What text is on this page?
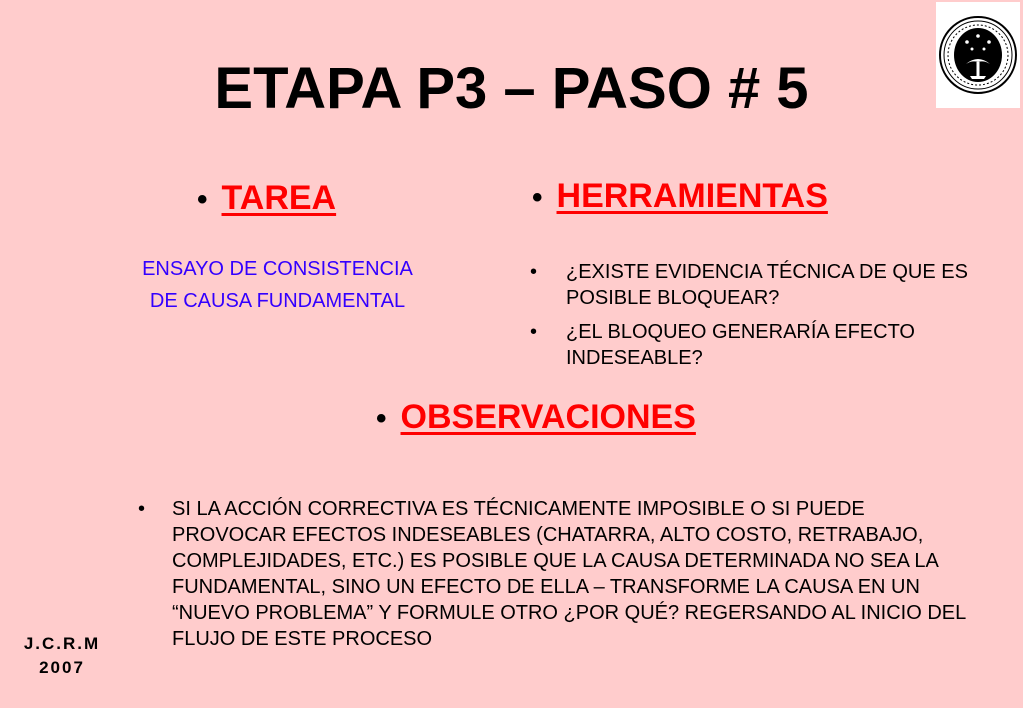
ETAPA P3 – PASO # 5
• TAREA
ENSAYO DE CONSISTENCIA
DE CAUSA FUNDAMENTAL
• HERRAMIENTAS
• ¿EXISTE EVIDENCIA TÉCNICA DE QUE ES POSIBLE BLOQUEAR?
• ¿EL BLOQUEO GENERARÍA EFECTO INDESEABLE?
• OBSERVACIONES
• SI LA ACCIÓN CORRECTIVA ES TÉCNICAMENTE IMPOSIBLE O SI PUEDE PROVOCAR EFECTOS INDESEABLES (CHATARRA, ALTO COSTO, RETRABAJO, COMPLEJIDADES, ETC.) ES POSIBLE QUE LA CAUSA DETERMINADA NO SEA LA FUNDAMENTAL, SINO UN EFECTO DE ELLA – TRANSFORME LA CAUSA EN UN “NUEVO PROBLEMA” Y FORMULE OTRO ¿POR QUÉ? REGERSANDO AL INICIO DEL FLUJO DE ESTE PROCESO
J.C.R.M
2007
